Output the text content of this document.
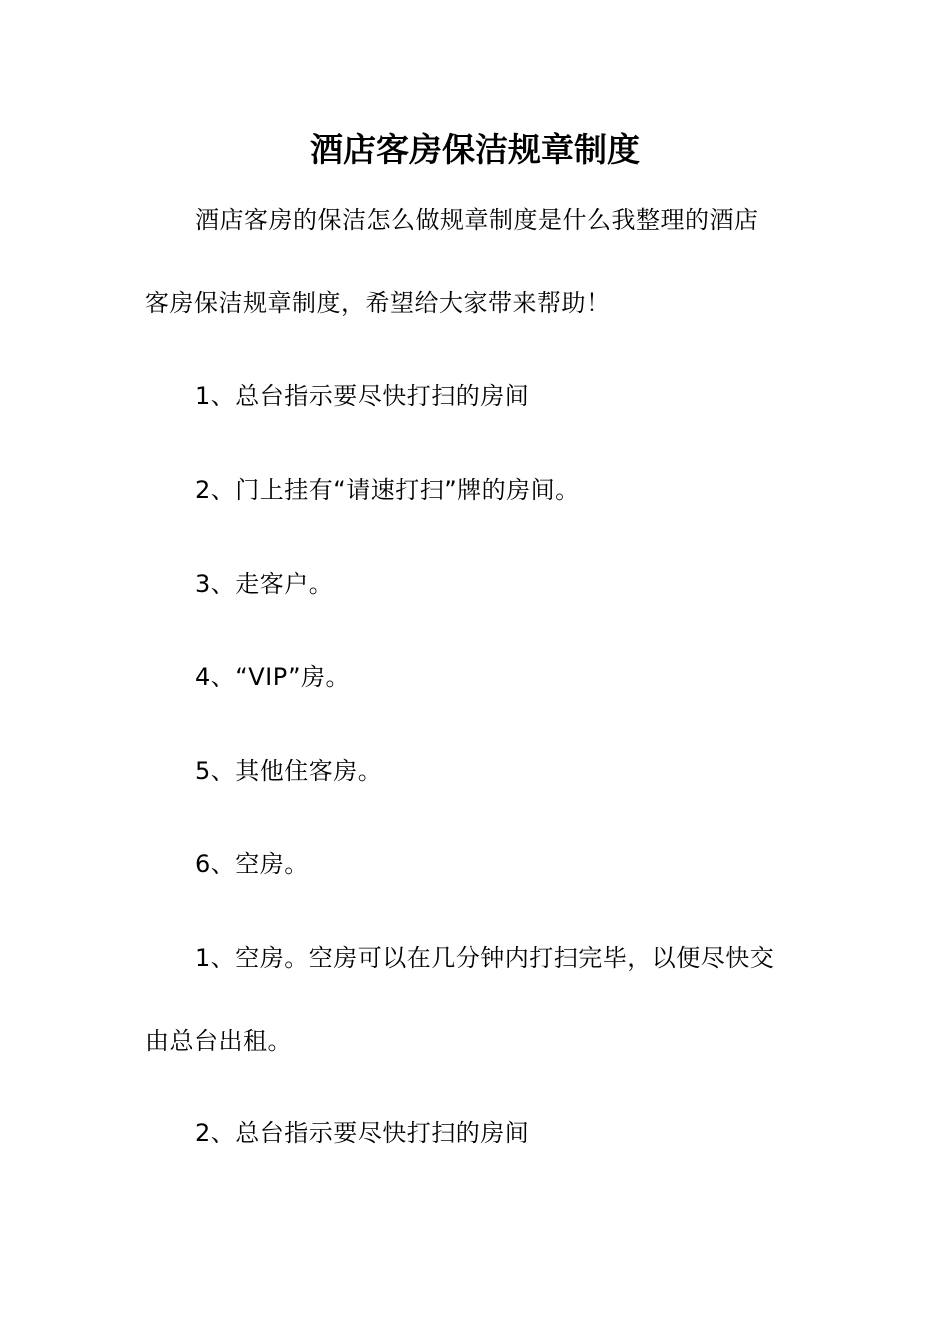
酒店客房保洁规章制度
酒店客房的保洁怎么做规章制度是什么我整理的酒店
客房保洁规章制度，希望给大家带来帮助！
1、总台指示要尽快打扫的房间
2、门上挂有“请速打扫”牌的房间。
3、走客户。
4、“VIP”房。
5、其他住客房。
6、空房。
1、空房。空房可以在几分钟内打扫完毕，以便尽快交
由总台出租。
2、总台指示要尽快打扫的房间
